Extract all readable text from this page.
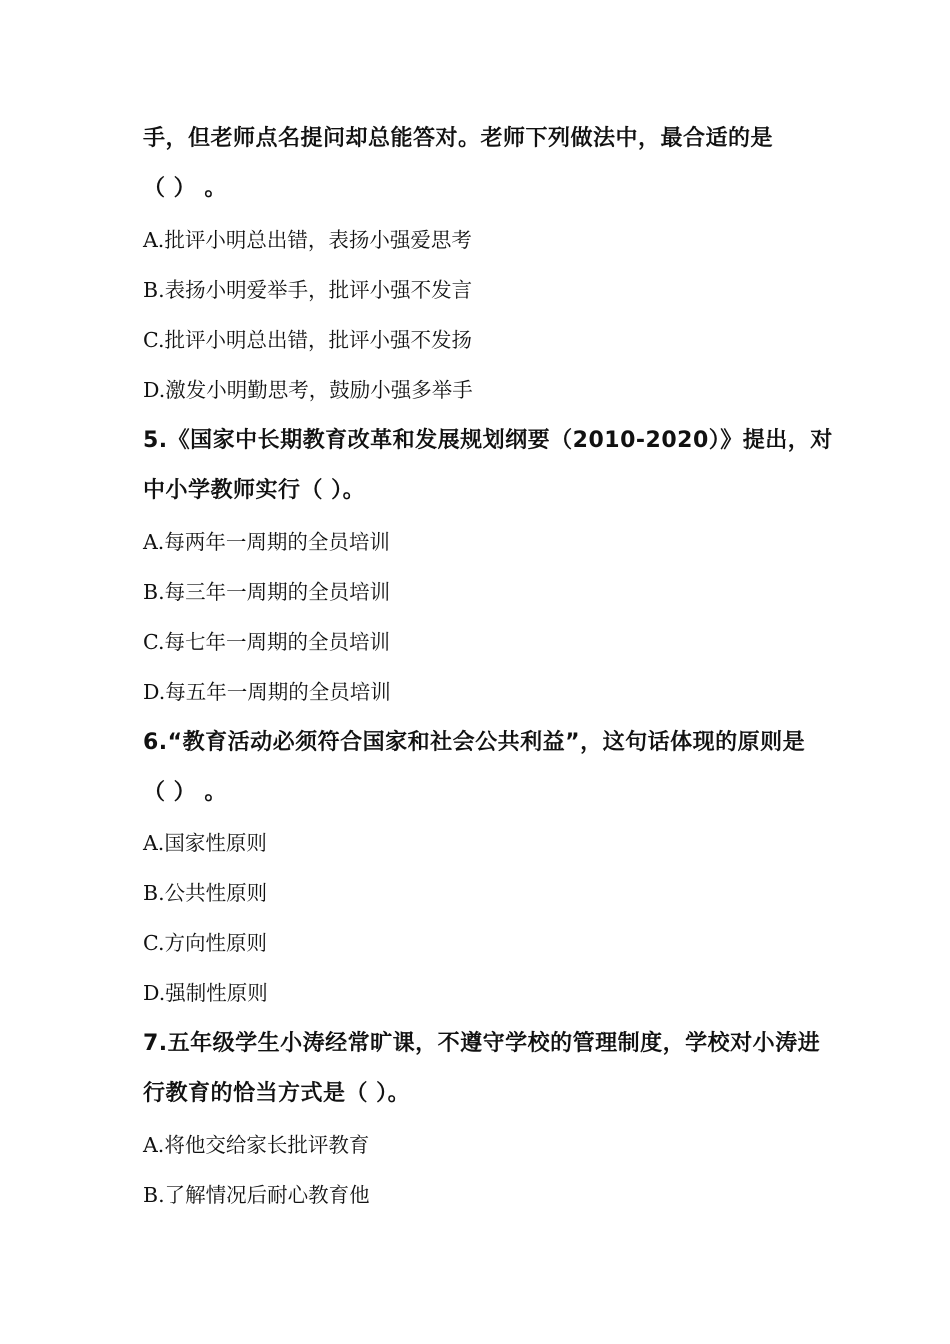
手，但老师点名提问却总能答对。老师下列做法中，最合适的是
（ ） 。
A.批评小明总出错，表扬小强爱思考
B.表扬小明爱举手，批评小强不发言
C.批评小明总出错，批评小强不发扬
D.激发小明勤思考，鼓励小强多举手
5.《国家中长期教育改革和发展规划纲要（2010-2020）》提出，对
中小学教师实行（ ）。
A.每两年一周期的全员培训
B.每三年一周期的全员培训
C.每七年一周期的全员培训
D.每五年一周期的全员培训
6.“教育活动必须符合国家和社会公共利益”，这句话体现的原则是
（ ） 。
A.国家性原则
B.公共性原则
C.方向性原则
D.强制性原则
7.五年级学生小涛经常旷课，不遵守学校的管理制度，学校对小涛进
行教育的恰当方式是（ ）。
A.将他交给家长批评教育
B.了解情况后耐心教育他
